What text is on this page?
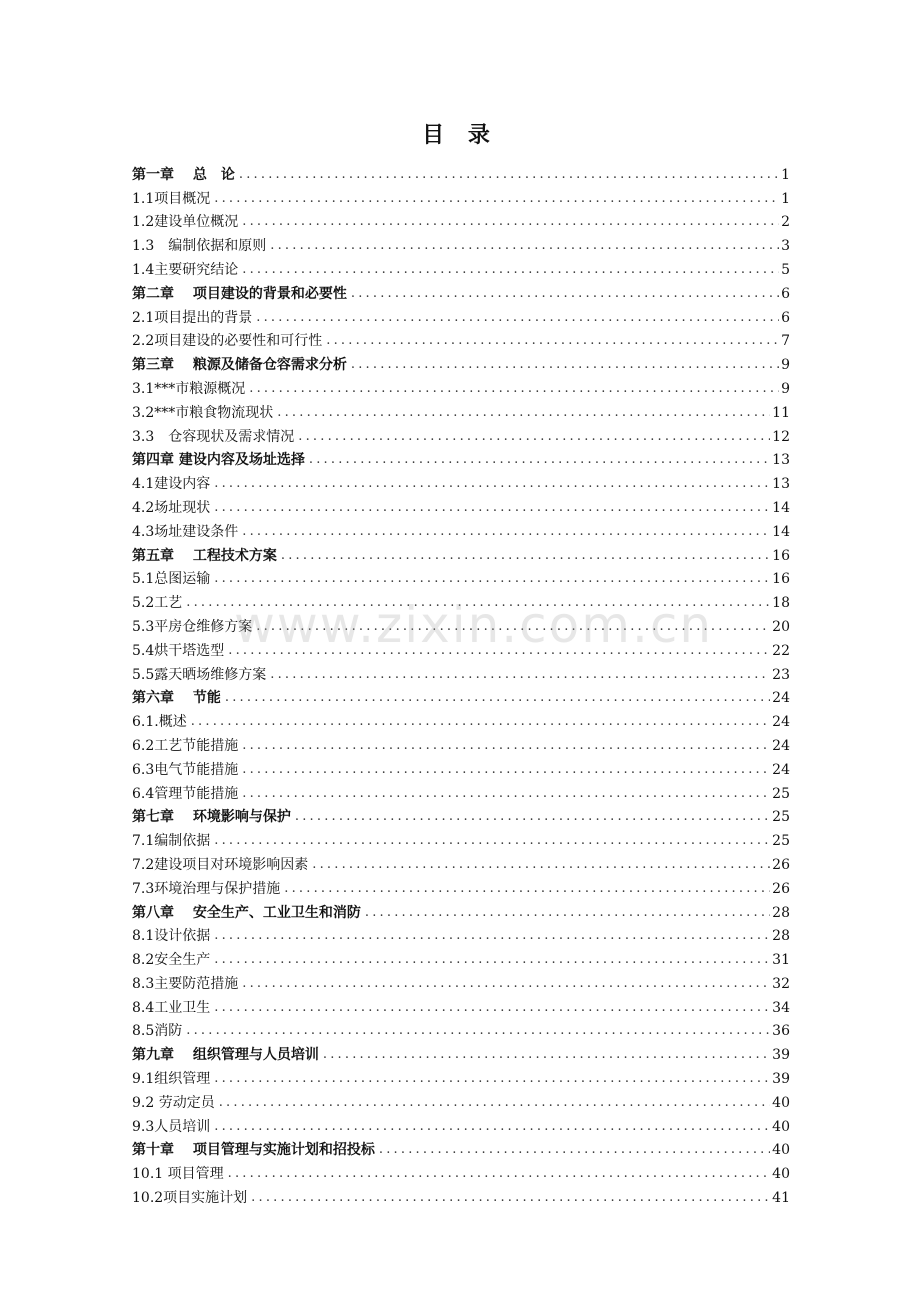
目 录
第一章　 总　论 .....	1
1.1项目概况 .....	1
1.2建设单位概况 .....	2
1.3　编制依据和原则 .....	3
1.4主要研究结论 .....	5
第二章　 项目建设的背景和必要性 .....	6
2.1项目提出的背景 .....	6
2.2项目建设的必要性和可行性 .....	7
第三章　 粮源及储备仓容需求分析 .....	9
3.1***市粮源概况 .....	9
3.2***市粮食物流现状 .....	11
3.3　仓容现状及需求情况 .....	12
第四章 建设内容及场址选择 .....	13
4.1建设内容 .....	13
4.2场址现状 .....	14
4.3场址建设条件 .....	14
第五章　 工程技术方案 .....	16
5.1总图运输 .....	16
5.2工艺 .....	18
5.3平房仓维修方案 .....	20
5.4烘干塔选型 .....	22
5.5露天晒场维修方案 .....	23
第六章　 节能 .....	24
6.1.概述 .....	24
6.2工艺节能措施 .....	24
6.3电气节能措施 .....	24
6.4管理节能措施 .....	25
第七章　 环境影响与保护 .....	25
7.1编制依据 .....	25
7.2建设项目对环境影响因素 .....	26
7.3环境治理与保护措施 .....	26
第八章　 安全生产、工业卫生和消防 .....	28
8.1设计依据 .....	28
8.2安全生产 .....	31
8.3主要防范措施 .....	32
8.4工业卫生 .....	34
8.5消防 .....	36
第九章　 组织管理与人员培训 .....	39
9.1组织管理 .....	39
9.2 劳动定员 .....	40
9.3人员培训 .....	40
第十章　 项目管理与实施计划和招投标 .....	40
10.1 项目管理 .....	40
10.2项目实施计划 .....	41
www.zixin.com.cn
